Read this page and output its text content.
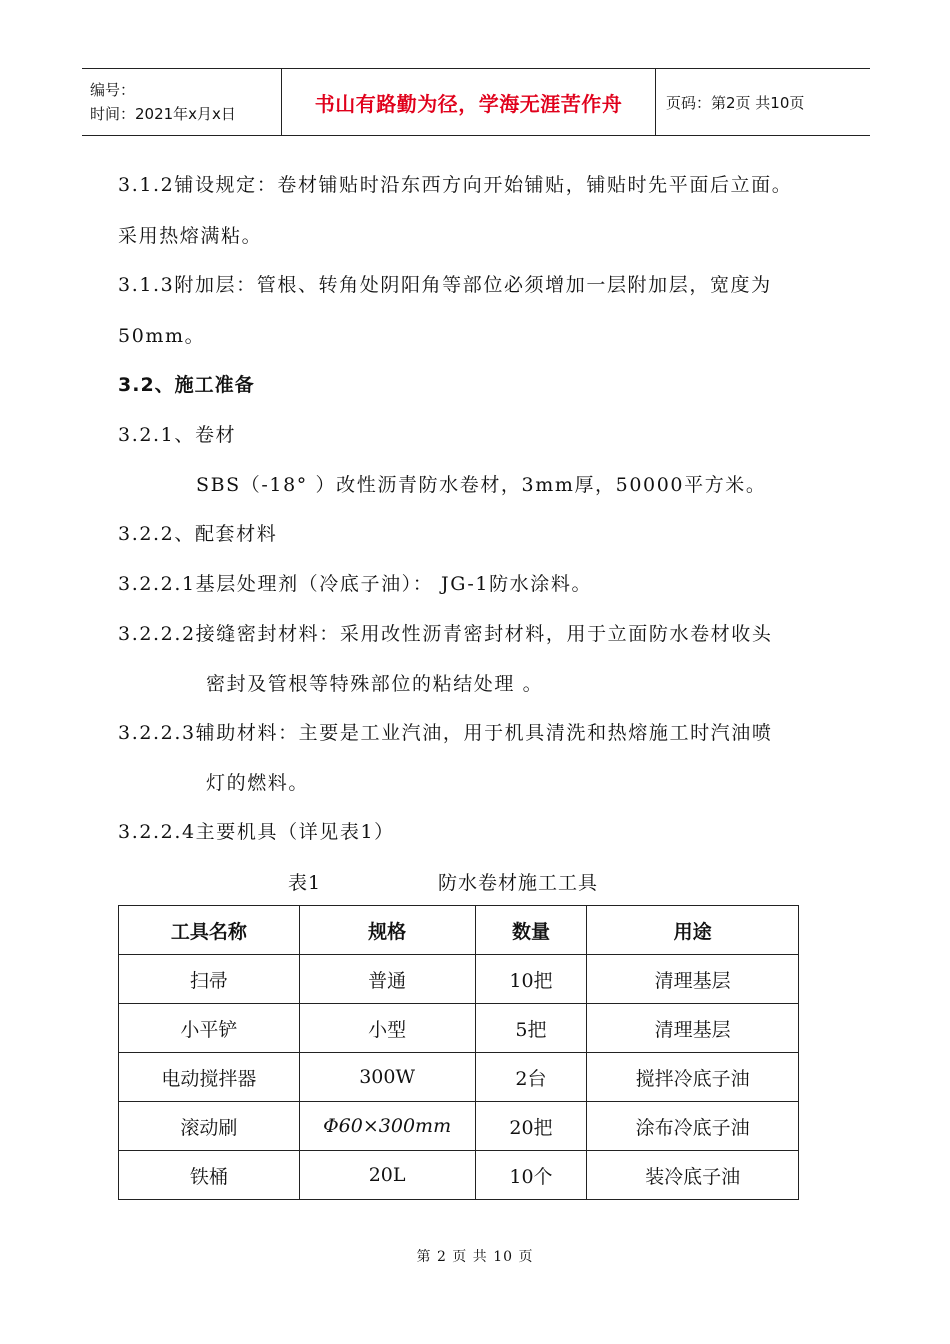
编号：
时间：2021年x月x日	书山有路勤为径，学海无涯苦作舟	页码：第2页 共10页
3.1.2铺设规定：卷材铺贴时沿东西方向开始铺贴，铺贴时先平面后立面。
采用热熔满粘。
3.1.3附加层：管根、转角处阴阳角等部位必须增加一层附加层，宽度为
50mm。
3.2、施工准备
3.2.1、卷材
SBS（-18° ）改性沥青防水卷材，3mm厚，50000平方米。
3.2.2、配套材料
3.2.2.1基层处理剂（冷底子油）： JG-1防水涂料。
3.2.2.2接缝密封材料：采用改性沥青密封材料，用于立面防水卷材收头
密封及管根等特殊部位的粘结处理 。
3.2.2.3辅助材料：主要是工业汽油，用于机具清洗和热熔施工时汽油喷
灯的燃料。
3.2.2.4主要机具（详见表1）
表1	防水卷材施工工具
工具名称	规格	数量	用途
扫帚	普通	10把	清理基层
小平铲	小型	5把	清理基层
电动搅拌器	300W	2台	搅拌冷底子油
滚动刷	Φ60×300mm	20把	涂布冷底子油
铁桶	20L	10个	装冷底子油
第 2 页 共 10 页
